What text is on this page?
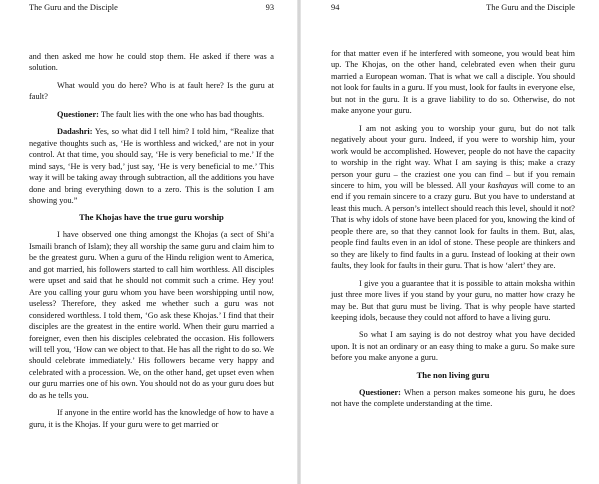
The Guru and the Disciple	93

and then asked me how he could stop them. He asked if there was a solution.

What would you do here? Who is at fault here? Is the guru at fault?

Questioner: The fault lies with the one who has bad thoughts.

Dadashri: Yes, so what did I tell him? I told him, “Realize that negative thoughts such as, ‘He is worthless and wicked,’ are not in your control. At that time, you should say, ‘He is very beneficial to me.’ If the mind says, ‘He is very bad,’ just say, ‘He is very beneficial to me.’ This way it will be taking away through subtraction, all the additions you have done and bring everything down to a zero. This is the solution I am showing you.”

The Khojas have the true guru worship

I have observed one thing amongst the Khojas (a sect of Shi’a Ismaili branch of Islam); they all worship the same guru and claim him to be the greatest guru. When a guru of the Hindu religion went to America, and got married, his followers started to call him worthless. All disciples were upset and said that he should not commit such a crime. Hey you! Are you calling your guru whom you have been worshipping until now, useless? Therefore, they asked me whether such a guru was not considered worthless. I told them, ‘Go ask these Khojas.’ I find that their disciples are the greatest in the entire world. When their guru married a foreigner, even then his disciples celebrated the occasion. His followers will tell you, ‘How can we object to that. He has all the right to do so. We should celebrate immediately.’ His followers became very happy and celebrated with a procession. We, on the other hand, get upset even when our guru marries one of his own. You should not do as your guru does but do as he tells you.

If anyone in the entire world has the knowledge of how to have a guru, it is the Khojas. If your guru were to get married or

94	The Guru and the Disciple

for that matter even if he interfered with someone, you would beat him up. The Khojas, on the other hand, celebrated even when their guru married a European woman. That is what we call a disciple. You should not look for faults in a guru. If you must, look for faults in everyone else, but not in the guru. It is a grave liability to do so. Otherwise, do not make anyone your guru.

I am not asking you to worship your guru, but do not talk negatively about your guru. Indeed, if you were to worship him, your work would be accomplished. However, people do not have the capacity to worship in the right way. What I am saying is this; make a crazy person your guru – the craziest one you can find – but if you remain sincere to him, you will be blessed. All your kashayas will come to an end if you remain sincere to a crazy guru. But you have to understand at least this much. A person’s intellect should reach this level, should it not? That is why idols of stone have been placed for you, knowing the kind of people there are, so that they cannot look for faults in them. But, alas, people find faults even in an idol of stone. These people are thinkers and so they are likely to find faults in a guru. Instead of looking at their own faults, they look for faults in their guru. That is how ‘alert’ they are.

I give you a guarantee that it is possible to attain moksha within just three more lives if you stand by your guru, no matter how crazy he may be. But that guru must be living. That is why people have started keeping idols, because they could not afford to have a living guru.

So what I am saying is do not destroy what you have decided upon. It is not an ordinary or an easy thing to make a guru. So make sure before you make anyone a guru.

The non living guru

Questioner: When a person makes someone his guru, he does not have the complete understanding at the time.
